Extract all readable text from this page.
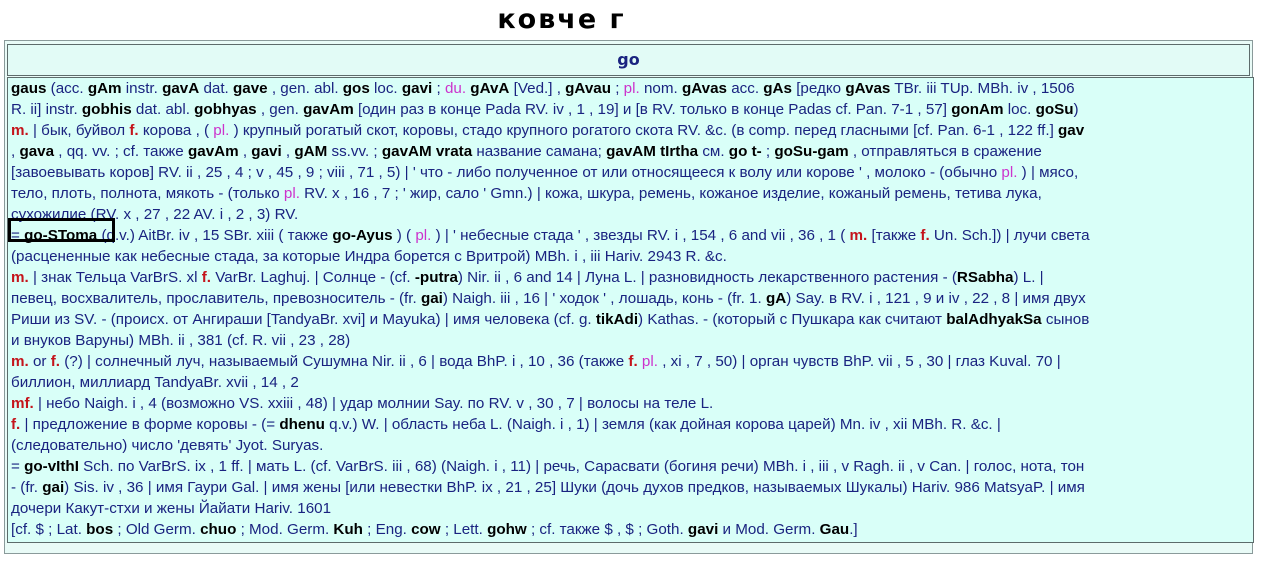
ковче г
go
gaus (acc. gAm instr. gavA dat. gave , gen. abl. gos loc. gavi ; du. gAvA [Ved.] , gAvau ; pl. nom. gAvas acc. gAs [редко gAvas TBr. iii TUp. MBh. iv , 1506
R. ii] instr. gobhis dat. abl. gobhyas , gen. gavAm [один раз в конце Pada RV. iv , 1 , 19] и [в RV. только в конце Padas cf. Pan. 7-1 , 57] gonAm loc. goSu)
m. | бык, буйвол f. корова , ( pl. ) крупный рогатый скот, коровы, стадо крупного рогатого скота RV. &c. (в comp. перед гласными [cf. Pan. 6-1 , 122 ff.] gav
, gava , qq. vv. ; cf. также gavAm , gavi , gAM ss.vv. ; gavAM vrata название самана; gavAM tIrtha см. go t- ; goSu-gam , отправляться в сражение
[завоевывать коров] RV. ii , 25 , 4 ; v , 45 , 9 ; viii , 71 , 5) | ' что - либо полученное от или относящееся к волу или корове ' , молоко - (обычно pl. ) | мясо,
тело, плоть, полнота, мякоть - (только pl. RV. x , 16 , 7 ; ' жир, сало ' Gmn.) | кожа, шкура, ремень, кожаное изделие, кожаный ремень, тетива лука,
сухожилие (RV. x , 27 , 22 AV. i , 2 , 3) RV.
= go-SToma (q.v.) AitBr. iv , 15 SBr. xiii ( также go-Ayus ) ( pl. ) | ' небесные стада ' , звезды RV. i , 154 , 6 and vii , 36 , 1 ( m. [также f. Un. Sch.]) | лучи света
(расцененные как небесные стада, за которые Индра борется с Вритрой) MBh. i , iii Hariv. 2943 R. &c.
m. | знак Тельца VarBrS. xl f. VarBr. Laghuj. | Солнце - (cf. -putra) Nir. ii , 6 and 14 | Луна L. | разновидность лекарственного растения - (RSabha) L. |
певец, восхвалитель, прославитель, превозноситель - (fr. gai) Naigh. iii , 16 | ' ходок ' , лошадь, конь - (fr. 1. gA) Say. в RV. i , 121 , 9 и iv , 22 , 8 | имя двух
Риши из SV. - (происх. от Ангираши [TandyaBr. xvi] и Mayuka) | имя человека (cf. g. tikAdi) Kathas. - (который с Пушкара как считают balAdhyakSa сынов
и внуков Варуны) MBh. ii , 381 (cf. R. vii , 23 , 28)
m. or f. (?) | солнечный луч, называемый Сушумна Nir. ii , 6 | вода BhP. i , 10 , 36 (также f. pl. , xi , 7 , 50) | орган чувств BhP. vii , 5 , 30 | глаз Kuval. 70 |
биллион, миллиард TandyaBr. xvii , 14 , 2
mf. | небо Naigh. i , 4 (возможно VS. xxiii , 48) | удар молнии Say. по RV. v , 30 , 7 | волосы на теле L.
f. | предложение в форме коровы - (= dhenu q.v.) W. | область неба L. (Naigh. i , 1) | земля (как дойная корова царей) Mn. iv , xii MBh. R. &c. |
(следовательно) число 'девять' Jyot. Suryas.
= go-vIthI Sch. по VarBrS. ix , 1 ff. | мать L. (cf. VarBrS. iii , 68) (Naigh. i , 11) | речь, Сарасвати (богиня речи) MBh. i , iii , v Ragh. ii , v Can. | голос, нота, тон
- (fr. gai) Sis. iv , 36 | имя Гаури Gal. | имя жены [или невестки BhP. ix , 21 , 25] Шуки (дочь духов предков, называемых Шукалы) Hariv. 986 MatsyaP. | имя
дочери Какут-стхи и жены Йайати Hariv. 1601
[cf. $ ; Lat. bos ; Old Germ. chuo ; Mod. Germ. Kuh ; Eng. cow ; Lett. gohw ; cf. также $ , $ ; Goth. gavi и Mod. Germ. Gau.]
